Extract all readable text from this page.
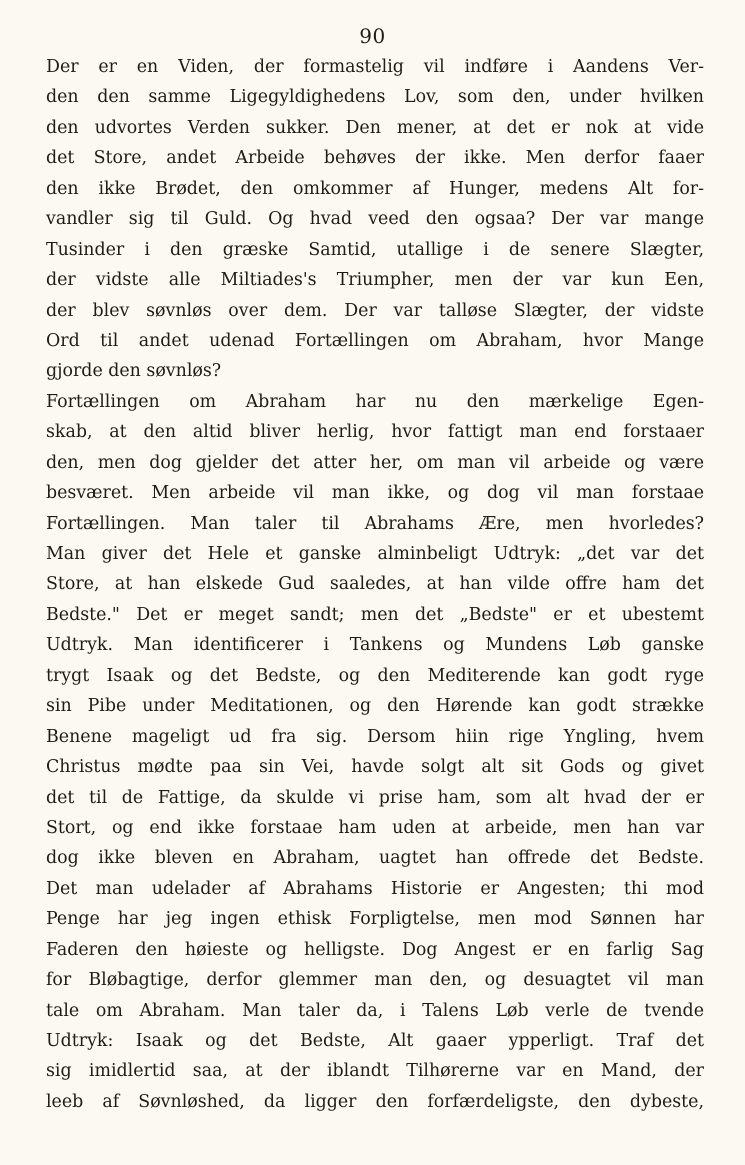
90
Der er en Viden, der formastelig vil indføre i Aandens Ver-
den den samme Ligegyldighedens Lov, som den, under hvilken
den udvortes Verden sukker. Den mener, at det er nok at vide
det Store, andet Arbeide behøves der ikke. Men derfor faaer
den ikke Brødet, den omkommer af Hunger, medens Alt for-
vandler sig til Guld. Og hvad veed den ogsaa? Der var mange
Tusinder i den græske Samtid, utallige i de senere Slægter,
der vidste alle Miltiades's Triumpher, men der var kun Een,
der blev søvnløs over dem. Der var talløse Slægter, der vidste
Ord til andet udenad Fortællingen om Abraham, hvor Mange
gjorde den søvnløs?
Fortællingen om Abraham har nu den mærkelige Egen-
skab, at den altid bliver herlig, hvor fattigt man end forstaaer
den, men dog gjelder det atter her, om man vil arbeide og være
besværet. Men arbeide vil man ikke, og dog vil man forstaae
Fortællingen. Man taler til Abrahams Ære, men hvorledes?
Man giver det Hele et ganske alminbeligt Udtryk: „det var det
Store, at han elskede Gud saaledes, at han vilde offre ham det
Bedste." Det er meget sandt; men det „Bedste" er et ubestemt
Udtryk. Man identificerer i Tankens og Mundens Løb ganske
trygt Isaak og det Bedste, og den Mediterende kan godt ryge
sin Pibe under Meditationen, og den Hørende kan godt strække
Benene mageligt ud fra sig. Dersom hiin rige Yngling, hvem
Christus mødte paa sin Vei, havde solgt alt sit Gods og givet
det til de Fattige, da skulde vi prise ham, som alt hvad der er
Stort, og end ikke forstaae ham uden at arbeide, men han var
dog ikke bleven en Abraham, uagtet han offrede det Bedste.
Det man udelader af Abrahams Historie er Angesten; thi mod
Penge har jeg ingen ethisk Forpligtelse, men mod Sønnen har
Faderen den høieste og helligste. Dog Angest er en farlig Sag
for Bløbagtige, derfor glemmer man den, og desuagtet vil man
tale om Abraham. Man taler da, i Talens Løb verle de tvende
Udtryk: Isaak og det Bedste, Alt gaaer ypperligt. Traf det
sig imidlertid saa, at der iblandt Tilhørerne var en Mand, der
leeb af Søvnløshed, da ligger den forfærdeligste, den dybeste,
